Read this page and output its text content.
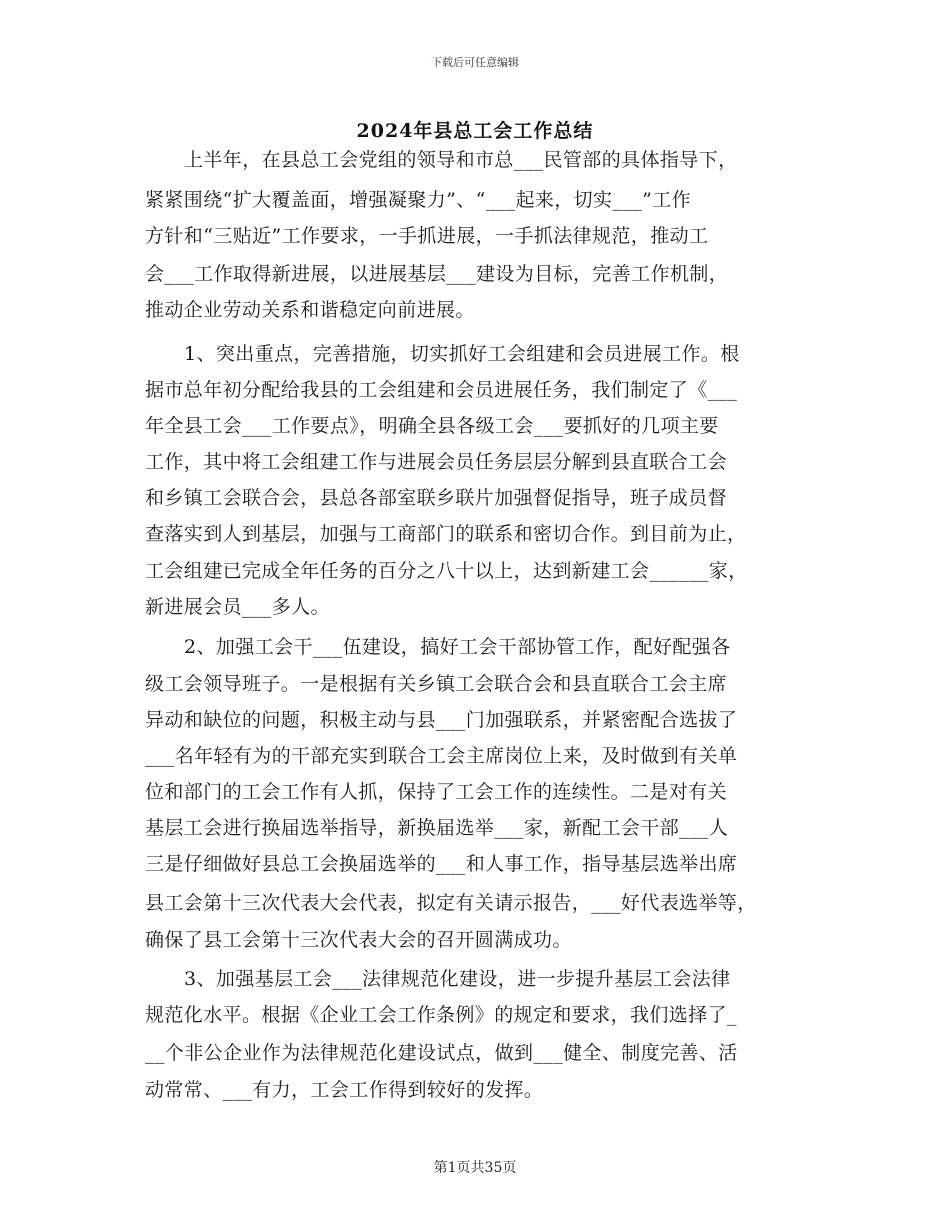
下载后可任意编辑
2024年县总工会工作总结
上半年，在县总工会党组的领导和市总___民管部的具体指导下，
紧紧围绕“扩大覆盖面，增强凝聚力”、“___起来，切实___”工作
方针和“三贴近”工作要求，一手抓进展，一手抓法律规范，推动工
会___工作取得新进展，以进展基层___建设为目标，完善工作机制，
推动企业劳动关系和谐稳定向前进展。
1、突出重点，完善措施，切实抓好工会组建和会员进展工作。根
据市总年初分配给我县的工会组建和会员进展任务，我们制定了《___
年全县工会___工作要点》，明确全县各级工会___要抓好的几项主要
工作，其中将工会组建工作与进展会员任务层层分解到县直联合工会
和乡镇工会联合会，县总各部室联乡联片加强督促指导，班子成员督
查落实到人到基层，加强与工商部门的联系和密切合作。到目前为止，
工会组建已完成全年任务的百分之八十以上，达到新建工会______家，
新进展会员___多人。
2、加强工会干___伍建设，搞好工会干部协管工作，配好配强各
级工会领导班子。一是根据有关乡镇工会联合会和县直联合工会主席
异动和缺位的问题，积极主动与县___门加强联系，并紧密配合选拔了
___名年轻有为的干部充实到联合工会主席岗位上来，及时做到有关单
位和部门的工会工作有人抓，保持了工会工作的连续性。二是对有关
基层工会进行换届选举指导，新换届选举___家，新配工会干部___人
三是仔细做好县总工会换届选举的___和人事工作，指导基层选举出席
县工会第十三次代表大会代表，拟定有关请示报告，___好代表选举等，
确保了县工会第十三次代表大会的召开圆满成功。
3、加强基层工会___法律规范化建设，进一步提升基层工会法律
规范化水平。根据《企业工会工作条例》的规定和要求，我们选择了_
__个非公企业作为法律规范化建设试点，做到___健全、制度完善、活
动常常、___有力，工会工作得到较好的发挥。
第1页共35页
